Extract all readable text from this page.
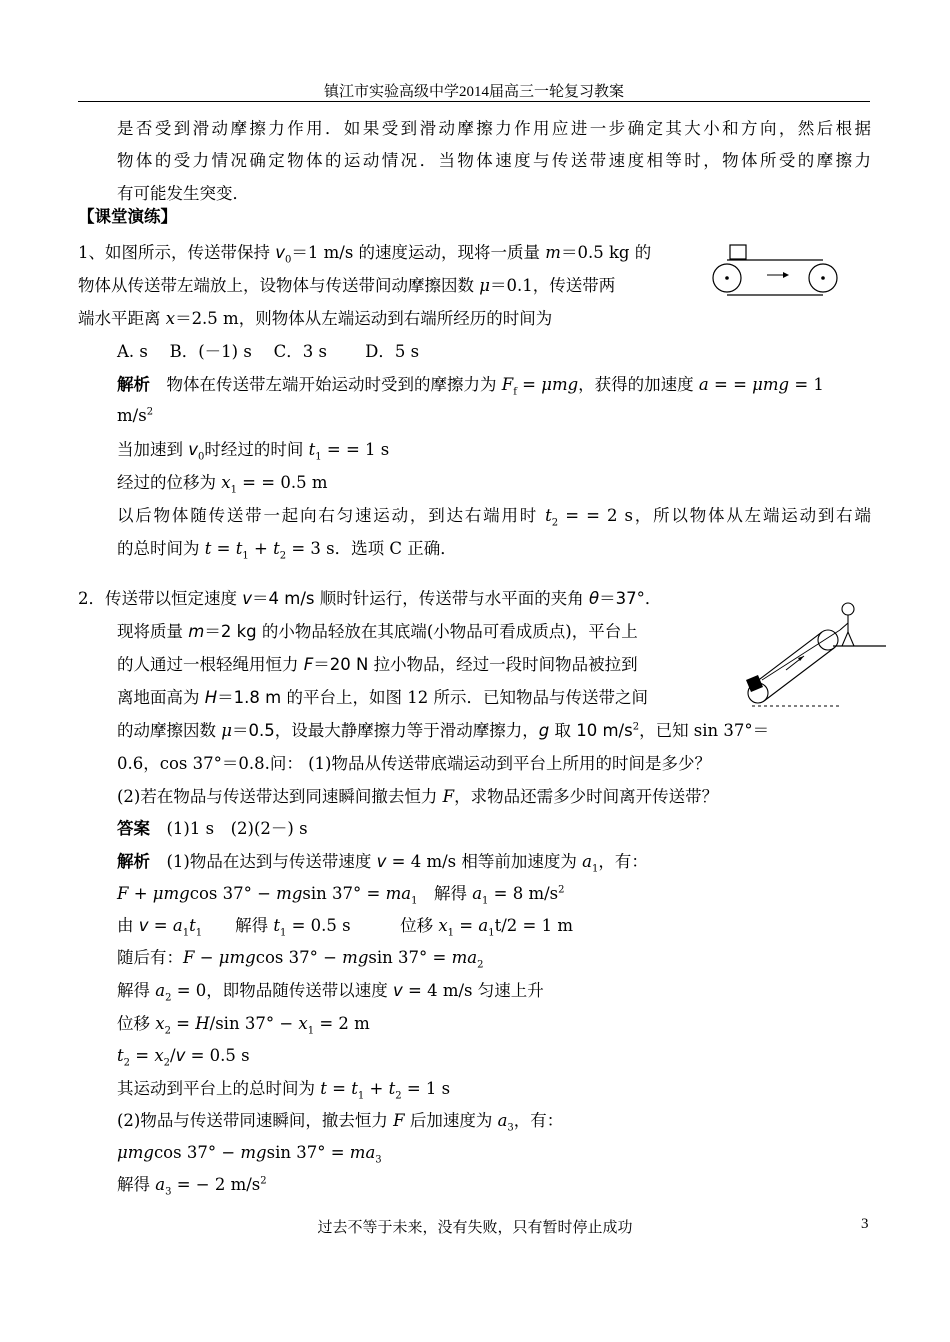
镇江市实验高级中学2014届高三一轮复习教案
是否受到滑动摩擦力作用．如果受到滑动摩擦力作用应进一步确定其大小和方向，然后根据
物体的受力情况确定物体的运动情况．当物体速度与传送带速度相等时，物体所受的摩擦力
有可能发生突变．
【课堂演练】
1、如图所示，传送带保持 $v_0=1$ m/s 的速度运动，现将一质量 m＝0.5 kg 的
物体从传送带左端放上，设物体与传送带间动摩擦因数 μ＝0.1，传送带两
端水平距离 x＝2.5 m，则物体从左端运动到右端所经历的时间为
A. s　 B．(－1) s　 C．3 s　　 D．5 s
解析　物体在传送带左端开始运动时受到的摩擦力为 $F_f = \mu mg$，获得的加速度 a = = μmg = 1
$m/s^2$
当加速到 $v_0$时经过的时间 $t_1$ = = 1 s
经过的位移为 $x_1$ = = 0.5 m
以后物体随传送带一起向右匀速运动，到达右端用时 $t_2$ = = 2 s，所以物体从左端运动到右端
的总时间为 $t = t_1 + t_2 = 3$ s．选项 C 正确．
2．传送带以恒定速度 v＝4 m/s 顺时针运行，传送带与水平面的夹角 θ＝37°．
现将质量 m＝2 kg 的小物品轻放在其底端(小物品可看成质点)，平台上
的人通过一根轻绳用恒力 F＝20 N 拉小物品，经过一段时间物品被拉到
离地面高为 H＝1.8 m 的平台上，如图 12 所示．已知物品与传送带之间
的动摩擦因数 μ＝0.5，设最大静摩擦力等于滑动摩擦力，g 取 10 $m/s^2$，已知 sin 37°＝
0.6，cos 37°＝0.8.问： (1)物品从传送带底端运动到平台上所用的时间是多少？
(2)若在物品与传送带达到同速瞬间撤去恒力 F，求物品还需多少时间离开传送带？
答案　(1)1 s　(2)(2－) s
解析　(1)物品在达到与传送带速度 v = 4 m/s 相等前加速度为 $a_1$，有：
F + μmgcos 37° − mgsin $37^\circ = ma_1$　解得 $a_1 = 8$ $m/s^2$
由 $v = a_1t_1$　　解得 $t_1 = 0.5$ s　　　位移 $x_1 = a_1t/2 = 1$ m
随后有：F − μmgcos 37° − mgsin $37^\circ = ma_2$
解得 $a_2 = 0$，即物品随传送带以速度 v = 4 m/s 匀速上升
位移 $x_2 = H/\sin$ $37^\circ - x_1 = 2$ m
$t_2 = x_2/v = 0.5$ s
其运动到平台上的总时间为 $t = t_1 + t_2 = 1$ s
(2)物品与传送带同速瞬间，撤去恒力 F 后加速度为 $a_3$，有：
μmgcos 37° − mgsin $37^\circ = ma_3$
解得 $a_3$ = − 2 $m/s^2$
过去不等于未来，没有失败，只有暂时停止成功	3
